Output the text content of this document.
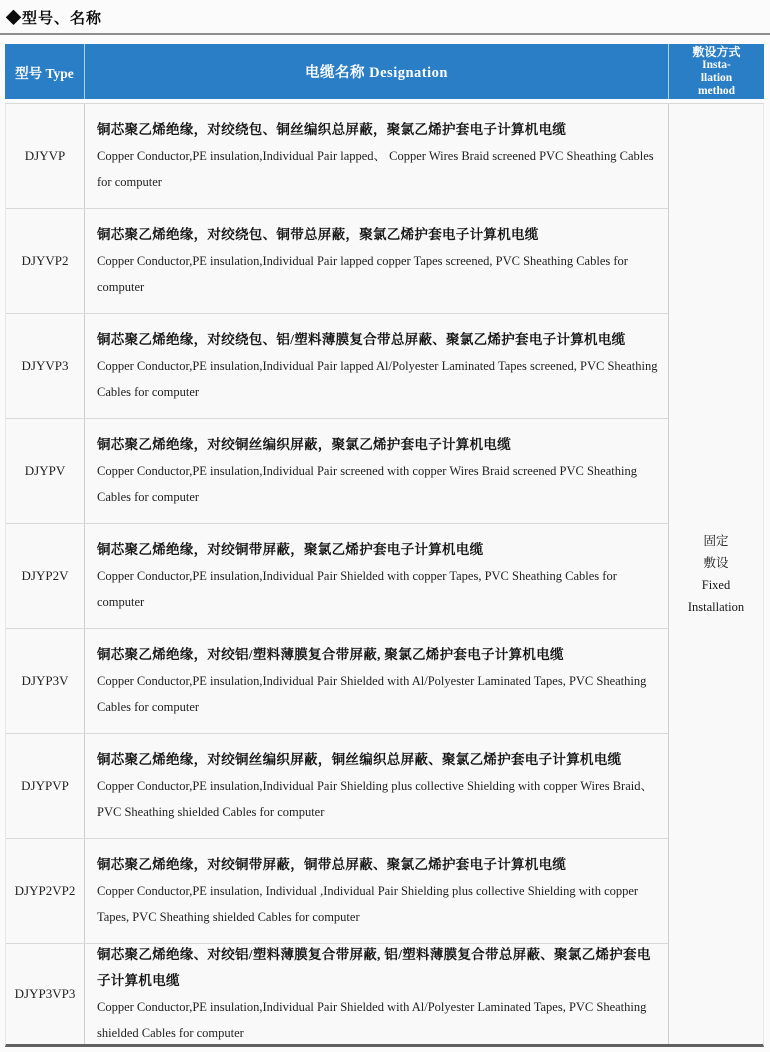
◆型号、名称
型号 Type	电缆名称 Designation
敷设方式
Insta-
llation
method
DJYVP
铜芯聚乙烯绝缘，对绞绕包、铜丝编织总屏蔽，聚氯乙烯护套电子计算机电缆
Copper Conductor,PE insulation,Individual Pair lapped、 Copper Wires Braid screened PVC Sheathing Cables for computer
DJYVP2
铜芯聚乙烯绝缘，对绞绕包、铜带总屏蔽，聚氯乙烯护套电子计算机电缆
Copper Conductor,PE insulation,Individual Pair lapped copper Tapes screened, PVC Sheathing Cables for computer
DJYVP3
铜芯聚乙烯绝缘，对绞绕包、铝/塑料薄膜复合带总屏蔽、聚氯乙烯护套电子计算机电缆
Copper Conductor,PE insulation,Individual Pair lapped Al/Polyester Laminated Tapes screened, PVC Sheathing Cables for computer
DJYPV
铜芯聚乙烯绝缘，对绞铜丝编织屏蔽，聚氯乙烯护套电子计算机电缆
Copper Conductor,PE insulation,Individual Pair screened with copper Wires Braid screened PVC Sheathing Cables for computer
DJYP2V
铜芯聚乙烯绝缘，对绞铜带屏蔽，聚氯乙烯护套电子计算机电缆
Copper Conductor,PE insulation,Individual Pair Shielded with copper Tapes, PVC Sheathing Cables for computer
DJYP3V
铜芯聚乙烯绝缘，对绞铝/塑料薄膜复合带屏蔽, 聚氯乙烯护套电子计算机电缆
Copper Conductor,PE insulation,Individual Pair Shielded with Al/Polyester Laminated Tapes, PVC Sheathing Cables for computer
DJYPVP
铜芯聚乙烯绝缘，对绞铜丝编织屏蔽，铜丝编织总屏蔽、聚氯乙烯护套电子计算机电缆
Copper Conductor,PE insulation,Individual Pair Shielding plus collective Shielding with copper Wires Braid、 PVC Sheathing shielded Cables for computer
DJYP2VP2
铜芯聚乙烯绝缘，对绞铜带屏蔽，铜带总屏蔽、聚氯乙烯护套电子计算机电缆
Copper Conductor,PE insulation, Individual ,Individual Pair Shielding plus collective Shielding with copper Tapes, PVC Sheathing shielded Cables for computer
DJYP3VP3
铜芯聚乙烯绝缘、对绞铝/塑料薄膜复合带屏蔽, 铝/塑料薄膜复合带总屏蔽、聚氯乙烯护套电子计算机电缆
Copper Conductor,PE insulation,Individual Pair Shielded with Al/Polyester Laminated Tapes, PVC Sheathing shielded Cables for computer
固定
敷设
Fixed
Installation
